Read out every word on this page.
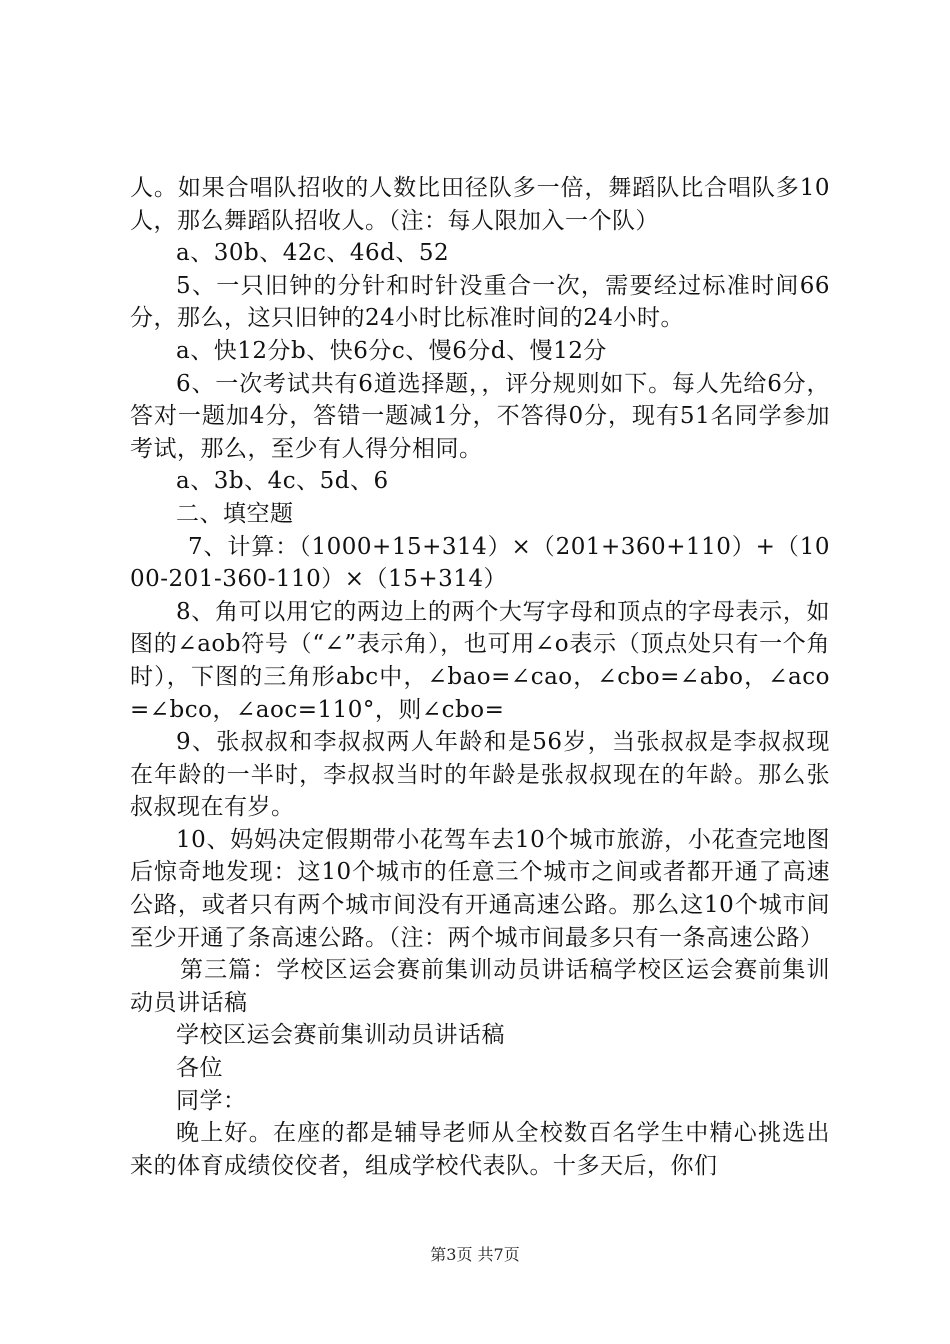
人。如果合唱队招收的人数比田径队多一倍，舞蹈队比合唱队多10人，那么舞蹈队招收人。（注：每人限加入一个队）

a、30b、42c、46d、52

5、一只旧钟的分针和时针没重合一次，需要经过标准时间66分，那么，这只旧钟的24小时比标准时间的24小时。

a、快12分b、快6分c、慢6分d、慢12分

6、一次考试共有6道选择题，，评分规则如下。每人先给6分，答对一题加4分，答错一题减1分，不答得0分，现有51名同学参加考试，那么，至少有人得分相同。

a、3b、4c、5d、6

二、填空题

7、计算：（1000+15+314）×（201+360+110）+（1000-201-360-110）×（15+314）

8、角可以用它的两边上的两个大写字母和顶点的字母表示，如图的∠aob符号（“∠”表示角），也可用∠o表示（顶点处只有一个角时），下图的三角形abc中，∠bao=∠cao，∠cbo=∠abo，∠aco=∠bco，∠aoc=110°，则∠cbo=

9、张叔叔和李叔叔两人年龄和是56岁，当张叔叔是李叔叔现在年龄的一半时，李叔叔当时的年龄是张叔叔现在的年龄。那么张叔叔现在有岁。

10、妈妈决定假期带小花驾车去10个城市旅游，小花查完地图后惊奇地发现：这10个城市的任意三个城市之间或者都开通了高速公路，或者只有两个城市间没有开通高速公路。那么这10个城市间至少开通了条高速公路。（注：两个城市间最多只有一条高速公路）

第三篇：学校区运会赛前集训动员讲话稿学校区运会赛前集训动员讲话稿

学校区运会赛前集训动员讲话稿

各位

同学：

晚上好。在座的都是辅导老师从全校数百名学生中精心挑选出来的体育成绩佼佼者，组成学校代表队。十多天后，你们

第3页 共7页
